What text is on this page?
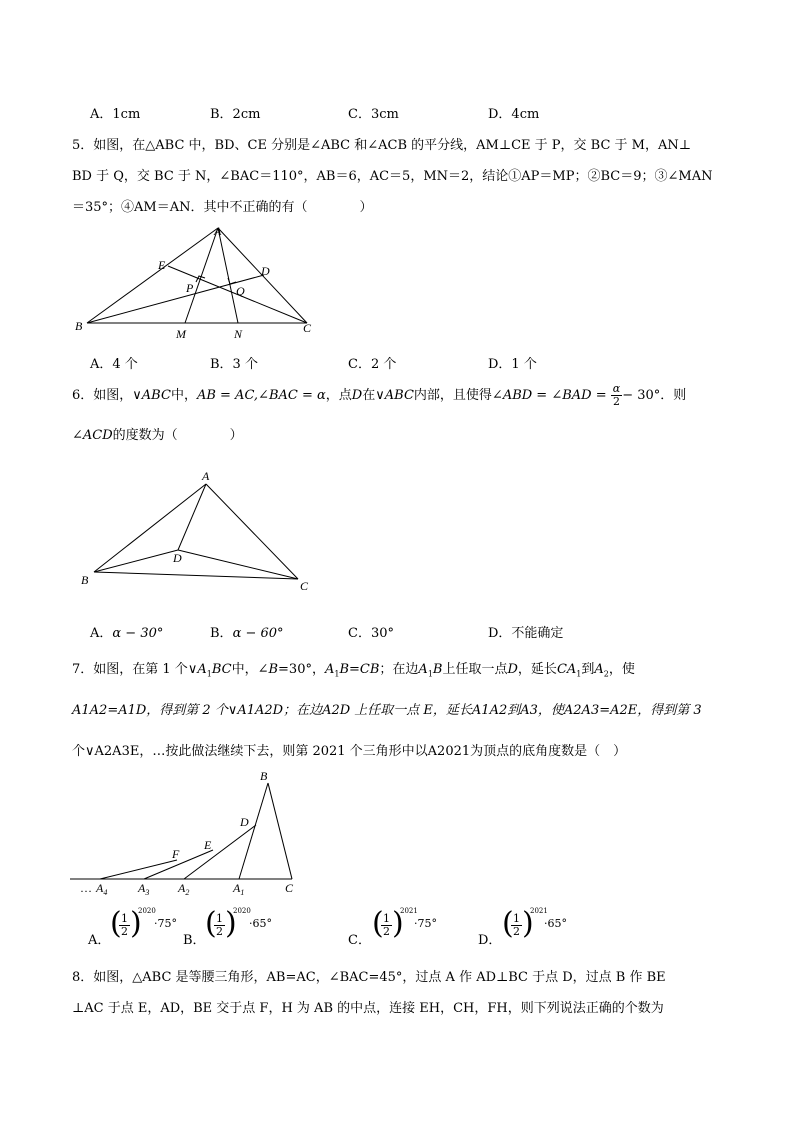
A．1cm	B．2cm	C．3cm	D．4cm
5．如图，在△ABC 中，BD、CE 分别是∠ABC 和∠ACB 的平分线，AM⊥CE 于 P，交 BC 于 M，AN⊥
BD 于 Q，交 BC 于 N，∠BAC＝110°，AB＝6，AC＝5，MN＝2，结论①AP＝MP；②BC＝9；③∠MAN
＝35°；④AM＝AN．其中不正确的有（　　　　）
A
E	D
P	Q
B
M	N	C
A．4 个	B．3 个	C．2 个	D．1 个
6．如图，∨ABC中，AB = AC,∠BAC = α，点D在∨ABC内部，且使得∠ABD = ∠BAD = $\frac{\alpha}{2} - 30^\circ$．则
∠ACD的度数为（　　　　）
A
B	C
D
A．α − 30°	B．α − 60°	C．30°	D．不能确定
7．如图，在第 1 个$\vee A_1BC$中，∠B=30°，$A_1B=CB$；在边$A_1B$上任取一点D，延长$CA_1$到$A_2$，使
A1A2=A1D，得到第 2 个∨A1A2D；在边A2D 上任取一点 E，延长A1A2到A3，使A2A3=A2E，得到第 3
个∨A2A3E，…按此做法继续下去，则第 2021 个三角形中以A2021为顶点的底角度数是（　）
B
D
E
F
… $A_4$	$A_3$ $A_2$	$A_1$	C
A． (
$\frac{1}{2}$ )
2020
·75°
B． (
$\frac{1}{2}$ )
2020
·65°
C． (
$\frac{1}{2}$ )
2021
·75°
D． (
$\frac{1}{2}$ )
2021
·65°
8．如图，△ABC 是等腰三角形，AB=AC，∠BAC=45°，过点 A 作 AD⊥BC 于点 D，过点 B 作 BE
⊥AC 于点 E，AD，BE 交于点 F，H 为 AB 的中点，连接 EH，CH，FH，则下列说法正确的个数为
